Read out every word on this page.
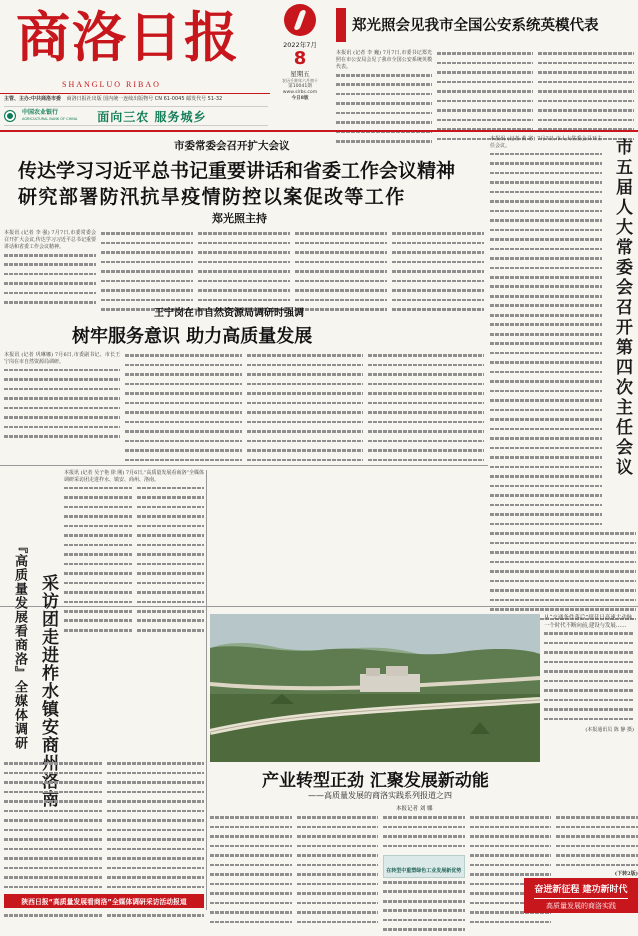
商洛日报
SHANGLUO RIBAO
主管、主办:中共商洛市委 商洛日报社出版 国内统一连续出版物号 CN 61-0045 邮发代号 51-32
中国农业银行
AGRICULTURAL BANK OF CHINA 面向三农 服务城乡
2022年7月
8
星期五
农历壬寅年六月初十
第10041期
www.slrbs.com
今日8版
郑光照会见我市全国公安系统英模代表

本报讯 (记者 李 巍) 7月7日,市委书记郑光照在市公安局会见了我市全国公安系统英模代表。

市委常委会召开扩大会议
传达学习习近平总书记重要讲话和省委工作会议精神
研究部署防汛抗旱疫情防控以案促改等工作
郑光照主持

本报讯 (记者 李 强) 7月7日,市委常委会召开扩大会议,传达学习习近平总书记重要讲话和省委工作会议精神。

王宁岗在市自然资源局调研时强调
树牢服务意识 助力高质量发展	市五届人大常委会召开第四次主任会议

本报讯 (记者 黄 寒) 7月7日,市人大常委会召开主任会议。

本报讯 (记者 巩琳娜) 7月6日,市委副书记、市长王宁岗在市自然资源局调研。

『高质量发展看商洛』全媒体调研 采访团走进柞水镇安商州洛南

本报讯 (记者 吴子艳 徐 刚) 7月6日,“高质量发展看商洛”全媒体调研采访团走进柞水、镇安、商州、洛南。

陕西日报“高质量发展看商洛”全媒体调研采访活动报道

从“交通条件落后”到昔日高速大动脉,一个时代不断向前,建设与发展……

(本报通讯员 陈 静 摄)

产业转型正劲 汇聚发展新动能
——高质量发展的商洛实践系列报道之四
本报记者 刘 娜

在转型中重塑绿色工业发展新优势	(下转2版)

奋进新征程 建功新时代
高质量发展的商洛实践
